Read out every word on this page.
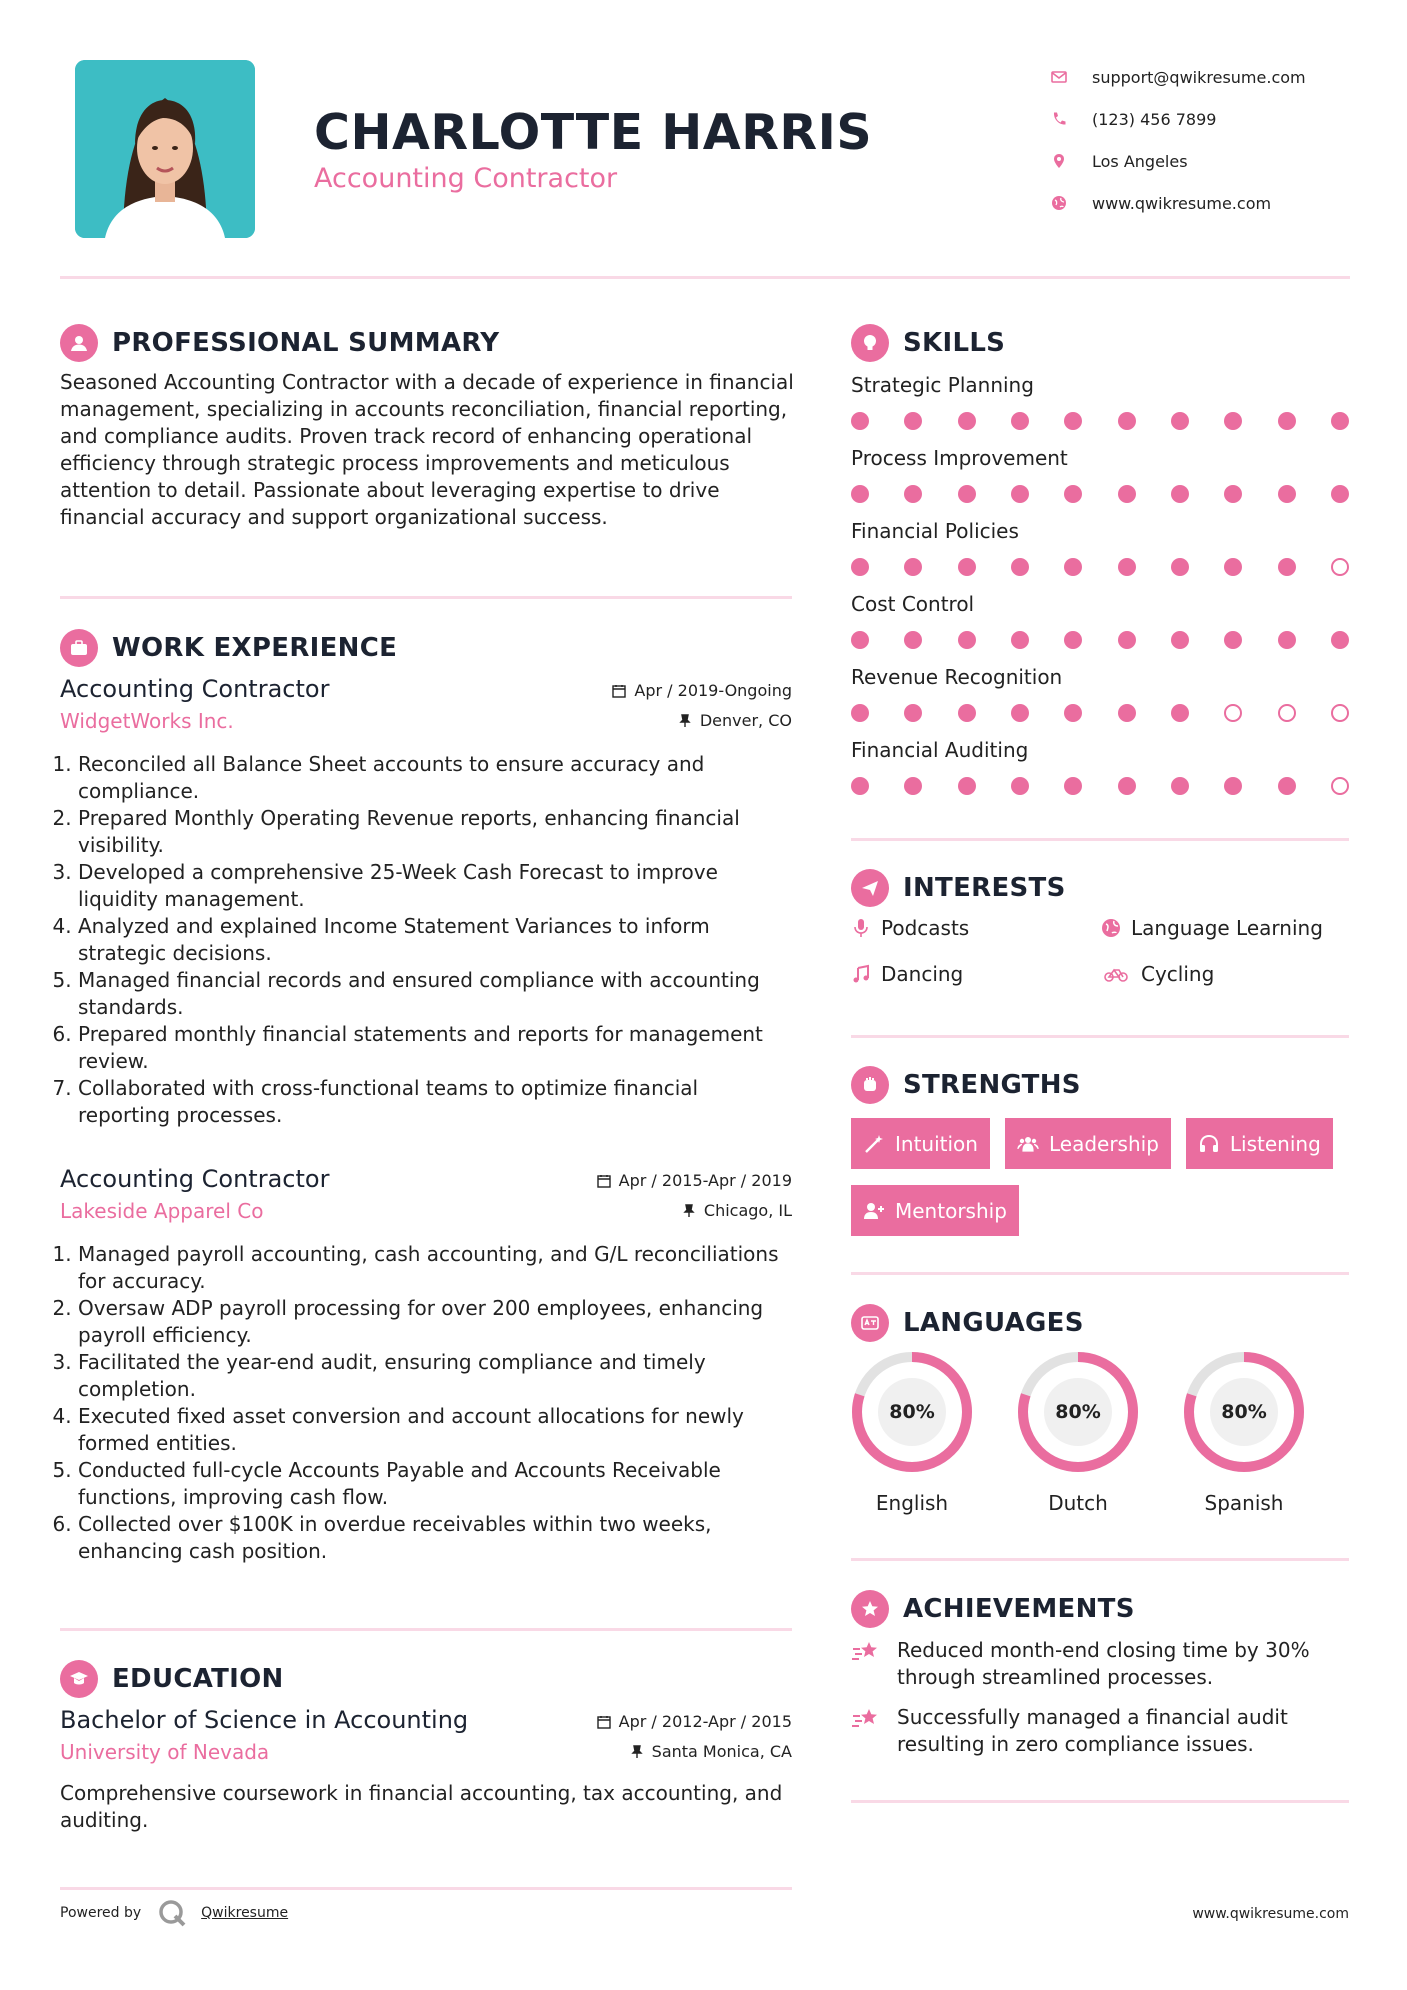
CHARLOTTE HARRIS
Accounting Contractor
support@qwikresume.com
(123) 456 7899
Los Angeles
www.qwikresume.com
PROFESSIONAL SUMMARY
Seasoned Accounting Contractor with a decade of experience in financial management, specializing in accounts reconciliation, financial reporting, and compliance audits. Proven track record of enhancing operational efficiency through strategic process improvements and meticulous attention to detail. Passionate about leveraging expertise to drive financial accuracy and support organizational success.
WORK EXPERIENCE
Accounting Contractor	Apr / 2019-Ongoing
WidgetWorks Inc.	Denver, CO
1. Reconciled all Balance Sheet accounts to ensure accuracy and compliance.
2. Prepared Monthly Operating Revenue reports, enhancing financial visibility.
3. Developed a comprehensive 25-Week Cash Forecast to improve liquidity management.
4. Analyzed and explained Income Statement Variances to inform strategic decisions.
5. Managed financial records and ensured compliance with accounting standards.
6. Prepared monthly financial statements and reports for management review.
7. Collaborated with cross-functional teams to optimize financial reporting processes.
Accounting Contractor	Apr / 2015-Apr / 2019
Lakeside Apparel Co	Chicago, IL
1. Managed payroll accounting, cash accounting, and G/L reconciliations for accuracy.
2. Oversaw ADP payroll processing for over 200 employees, enhancing payroll efficiency.
3. Facilitated the year-end audit, ensuring compliance and timely completion.
4. Executed fixed asset conversion and account allocations for newly formed entities.
5. Conducted full-cycle Accounts Payable and Accounts Receivable functions, improving cash flow.
6. Collected over $100K in overdue receivables within two weeks, enhancing cash position.
EDUCATION
Bachelor of Science in Accounting	Apr / 2012-Apr / 2015
University of Nevada	Santa Monica, CA
Comprehensive coursework in financial accounting, tax accounting, and auditing.
SKILLS
Strategic Planning
Process Improvement
Financial Policies
Cost Control
Revenue Recognition
Financial Auditing
INTERESTS
Podcasts	Language Learning
Dancing	Cycling
STRENGTHS
Intuition	Leadership	Listening
Mentorship
LANGUAGES
80%
English
80%
Dutch
80%
Spanish
ACHIEVEMENTS
Reduced month-end closing time by 30% through streamlined processes.
Successfully managed a financial audit resulting in zero compliance issues.
Powered by	Qwikresume	www.qwikresume.com
